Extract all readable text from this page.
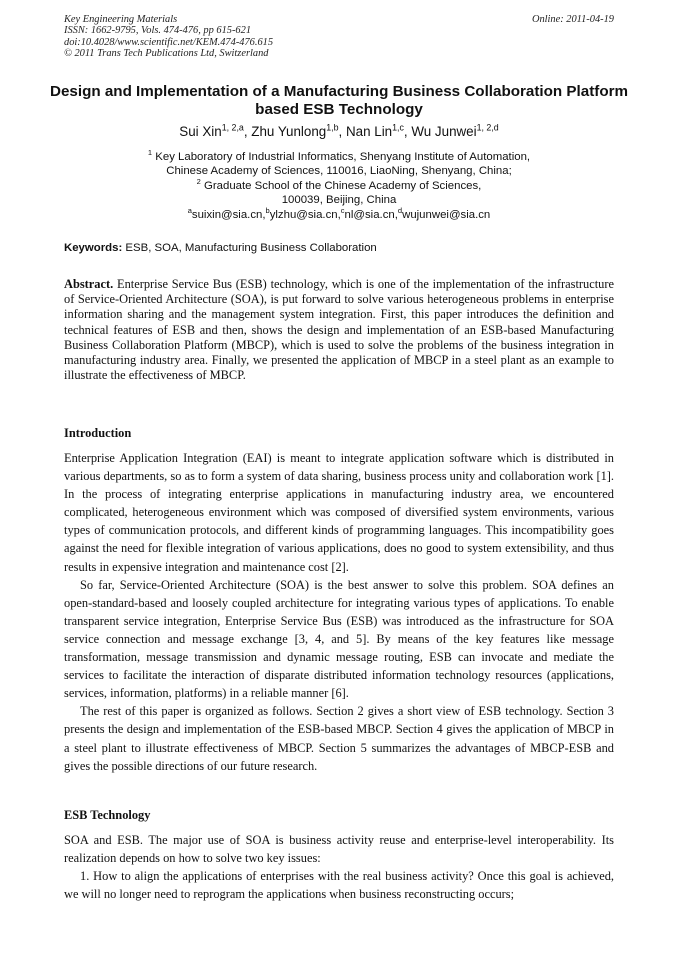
Key Engineering Materials
ISSN: 1662-9795, Vols. 474-476, pp 615-621
doi:10.4028/www.scientific.net/KEM.474-476.615
© 2011 Trans Tech Publications Ltd, Switzerland
Online: 2011-04-19
Design and Implementation of a Manufacturing Business Collaboration Platform based ESB Technology
Sui Xin$^{1, 2,a}$, Zhu Yunlong$^{1,b}$, Nan Lin$^{1,c}$, Wu Junwei$^{1, 2,d}$
$^1$ Key Laboratory of Industrial Informatics, Shenyang Institute of Automation,
Chinese Academy of Sciences, 110016, LiaoNing, Shenyang, China;
$^2$ Graduate School of the Chinese Academy of Sciences,
100039, Beijing, China
$^a$suixin@sia.cn,$^b$ylzhu@sia.cn,$^c$nl@sia.cn,$^d$wujunwei@sia.cn
Keywords: ESB, SOA, Manufacturing Business Collaboration
Abstract. Enterprise Service Bus (ESB) technology, which is one of the implementation of the infrastructure of Service-Oriented Architecture (SOA), is put forward to solve various heterogeneous problems in enterprise information sharing and the management system integration. First, this paper introduces the definition and technical features of ESB and then, shows the design and implementation of an ESB-based Manufacturing Business Collaboration Platform (MBCP), which is used to solve the problems of the business integration in manufacturing industry area. Finally, we presented the application of MBCP in a steel plant as an example to illustrate the effectiveness of MBCP.
Introduction

Enterprise Application Integration (EAI) is meant to integrate application software which is distributed in various departments, so as to form a system of data sharing, business process unity and collaboration work [1]. In the process of integrating enterprise applications in manufacturing industry area, we encountered complicated, heterogeneous environment which was composed of diversified system environments, various types of communication protocols, and different kinds of programming languages. This incompatibility goes against the need for flexible integration of various applications, does no good to system extensibility, and thus results in expensive integration and maintenance cost [2].

So far, Service-Oriented Architecture (SOA) is the best answer to solve this problem. SOA defines an open-standard-based and loosely coupled architecture for integrating various types of applications. To enable transparent service integration, Enterprise Service Bus (ESB) was introduced as the infrastructure for SOA service connection and message exchange [3, 4, and 5]. By means of the key features like message transformation, message transmission and dynamic message routing, ESB can invocate and mediate the services to facilitate the interaction of disparate distributed information technology resources (applications, services, information, platforms) in a reliable manner [6].

The rest of this paper is organized as follows. Section 2 gives a short view of ESB technology. Section 3 presents the design and implementation of the ESB-based MBCP. Section 4 gives the application of MBCP in a steel plant to illustrate effectiveness of MBCP. Section 5 summarizes the advantages of MBCP-ESB and gives the possible directions of our future research.

ESB Technology

SOA and ESB. The major use of SOA is business activity reuse and enterprise-level interoperability. Its realization depends on how to solve two key issues:

1. How to align the applications of enterprises with the real business activity? Once this goal is achieved, we will no longer need to reprogram the applications when business reconstructing occurs;
